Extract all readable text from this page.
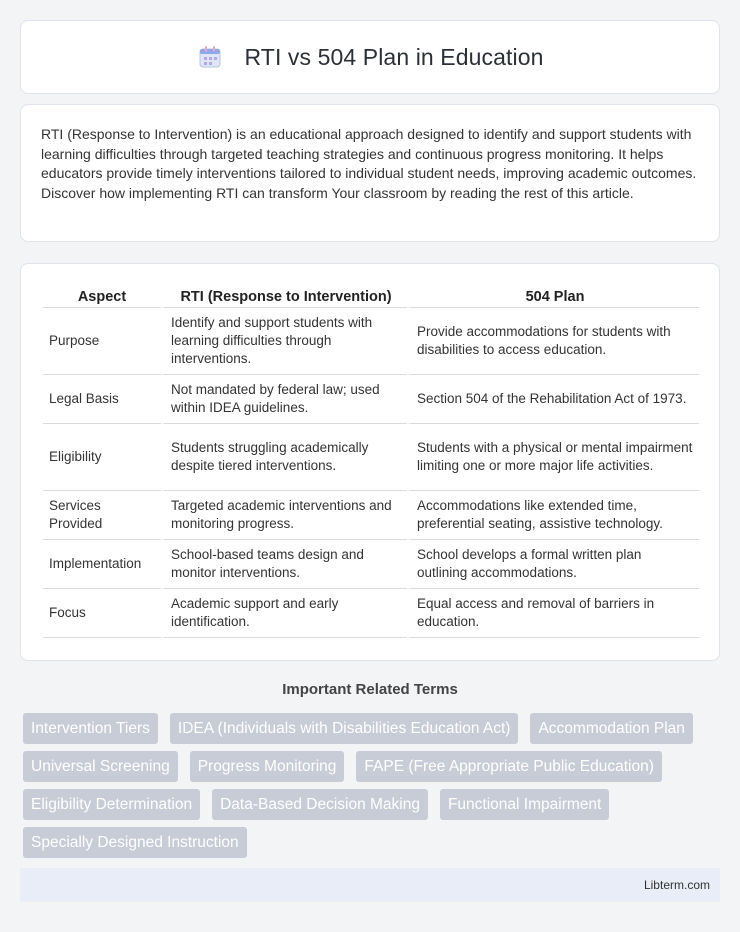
RTI vs 504 Plan in Education

RTI (Response to Intervention) is an educational approach designed to identify and support students with learning difficulties through targeted teaching strategies and continuous progress monitoring. It helps educators provide timely interventions tailored to individual student needs, improving academic outcomes. Discover how implementing RTI can transform Your classroom by reading the rest of this article.

Aspect	RTI (Response to Intervention)	504 Plan
Purpose	Identify and support students with learning difficulties through interventions.	Provide accommodations for students with disabilities to access education.
Legal Basis	Not mandated by federal law; used within IDEA guidelines.	Section 504 of the Rehabilitation Act of 1973.
Eligibility	Students struggling academically despite tiered interventions.	Students with a physical or mental impairment limiting one or more major life activities.
Services Provided	Targeted academic interventions and monitoring progress.	Accommodations like extended time, preferential seating, assistive technology.
Implementation	School-based teams design and monitor interventions.	School develops a formal written plan outlining accommodations.
Focus	Academic support and early identification.	Equal access and removal of barriers in education.
Important Related Terms
Intervention Tiers	IDEA (Individuals with Disabilities Education Act)	Accommodation Plan
Universal Screening	Progress Monitoring	FAPE (Free Appropriate Public Education)
Eligibility Determination	Data-Based Decision Making	Functional Impairment
Specially Designed Instruction
Libterm.com
